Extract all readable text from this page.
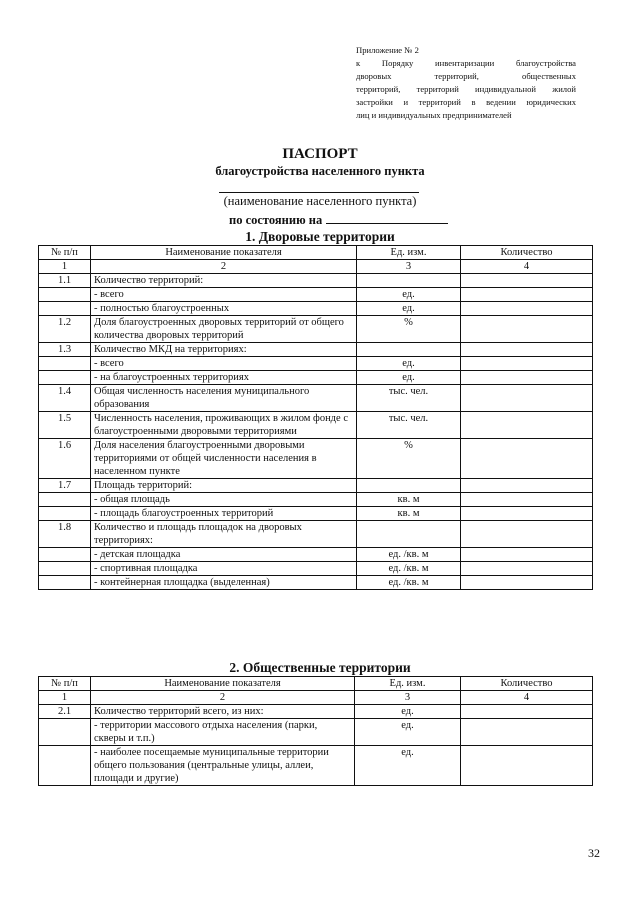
Приложение № 2
к Порядку инвентаризации благоустройства
дворовых территорий, общественных
территорий, территорий индивидуальной жилой
застройки и территорий в ведении юридических
лиц и индивидуальных предпринимателей
ПАСПОРТ
благоустройства населенного пункта
(наименование населенного пункта)
по состоянию на
1. Дворовые территории
№ п/п	Наименование показателя	Ед. изм.	Количество
1	2	3	4
1.1	Количество территорий:		
	- всего	ед.	
	- полностью благоустроенных	ед.	
1.2	Доля благоустроенных дворовых территорий от общего количества дворовых территорий	%	
1.3	Количество МКД на территориях:		
	- всего	ед.	
	- на благоустроенных территориях	ед.	
1.4	Общая численность населения муниципального образования	тыс. чел.	
1.5	Численность населения, проживающих в жилом фонде с благоустроенными дворовыми территориями	тыс. чел.	
1.6	Доля населения благоустроенными дворовыми территориями от общей численности населения в населенном пункте	%	
1.7	Площадь территорий:		
	- общая площадь	кв. м	
	- площадь благоустроенных территорий	кв. м	
1.8	Количество и площадь площадок на дворовых территориях:		
	- детская площадка	ед. /кв. м	
	- спортивная площадка	ед. /кв. м	
	- контейнерная площадка (выделенная)	ед. /кв. м	
2. Общественные территории
№ п/п	Наименование показателя	Ед. изм.	Количество
1	2	3	4
2.1	Количество территорий всего, из них:	ед.	
	- территории массового отдыха населения (парки, скверы и т.п.)	ед.	
	- наиболее посещаемые муниципальные территории общего пользования (центральные улицы, аллеи, площади и другие)	ед.	
32
